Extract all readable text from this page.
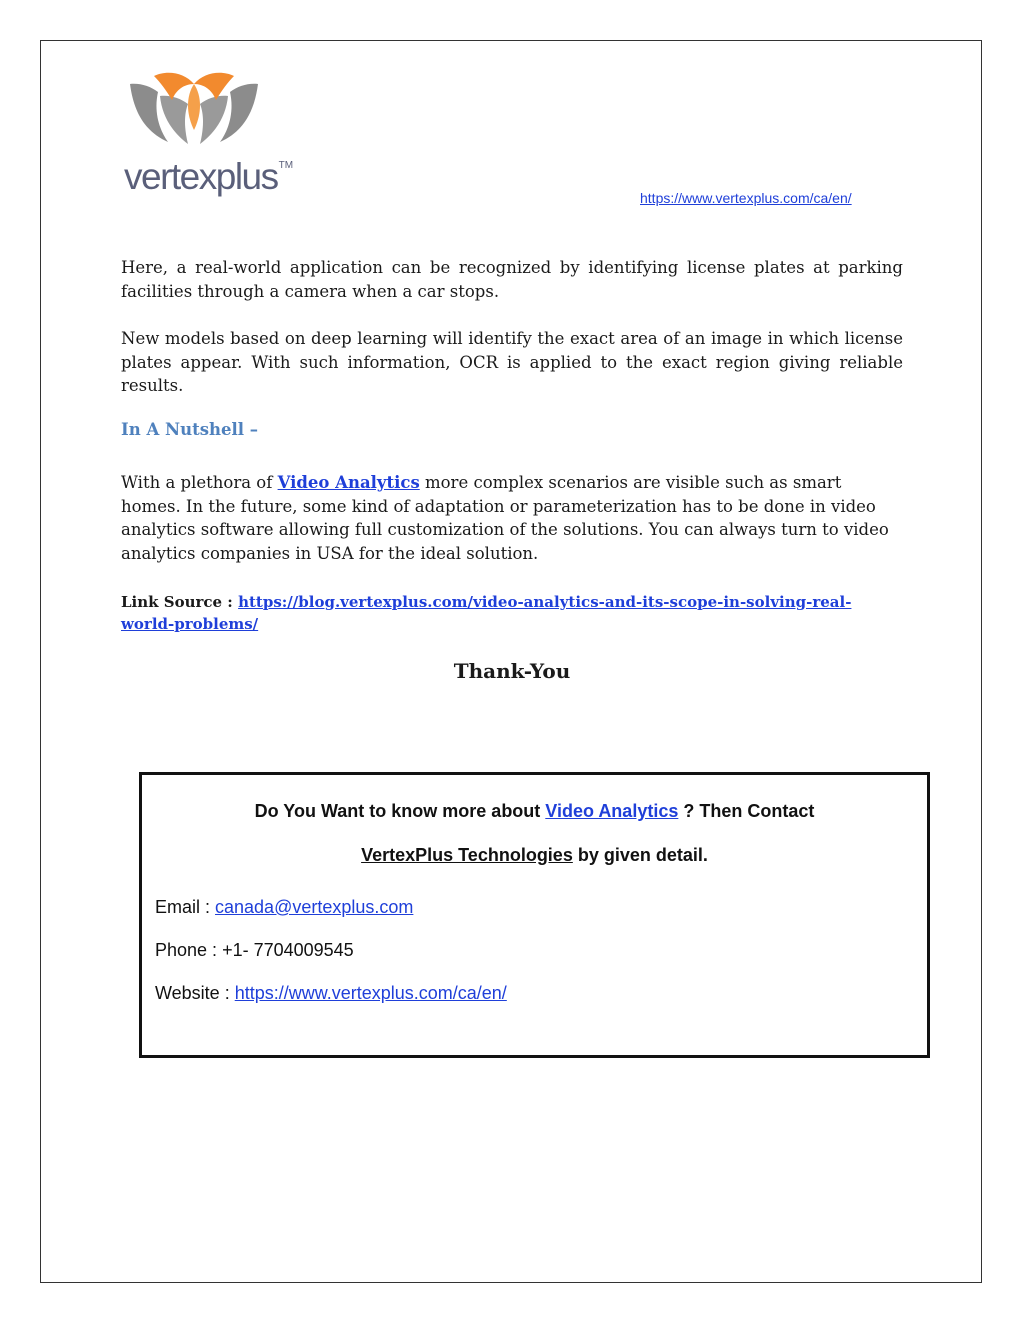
vertexplus™
https://www.vertexplus.com/ca/en/

Here, a real-world application can be recognized by identifying license plates at parking facilities through a camera when a car stops.

New models based on deep learning will identify the exact area of an image in which license plates appear. With such information, OCR is applied to the exact region giving reliable results.

In A Nutshell –

With a plethora of Video Analytics more complex scenarios are visible such as smart homes. In the future, some kind of adaptation or parameterization has to be done in video analytics software allowing full customization of the solutions. You can always turn to video analytics companies in USA for the ideal solution.

Link Source : https://blog.vertexplus.com/video-analytics-and-its-scope-in-solving-real-world-problems/
Thank-You
Do You Want to know more about Video Analytics ? Then Contact
VertexPlus Technologies by given detail.
Email : canada@vertexplus.com
Phone : +1- 7704009545
Website : https://www.vertexplus.com/ca/en/
